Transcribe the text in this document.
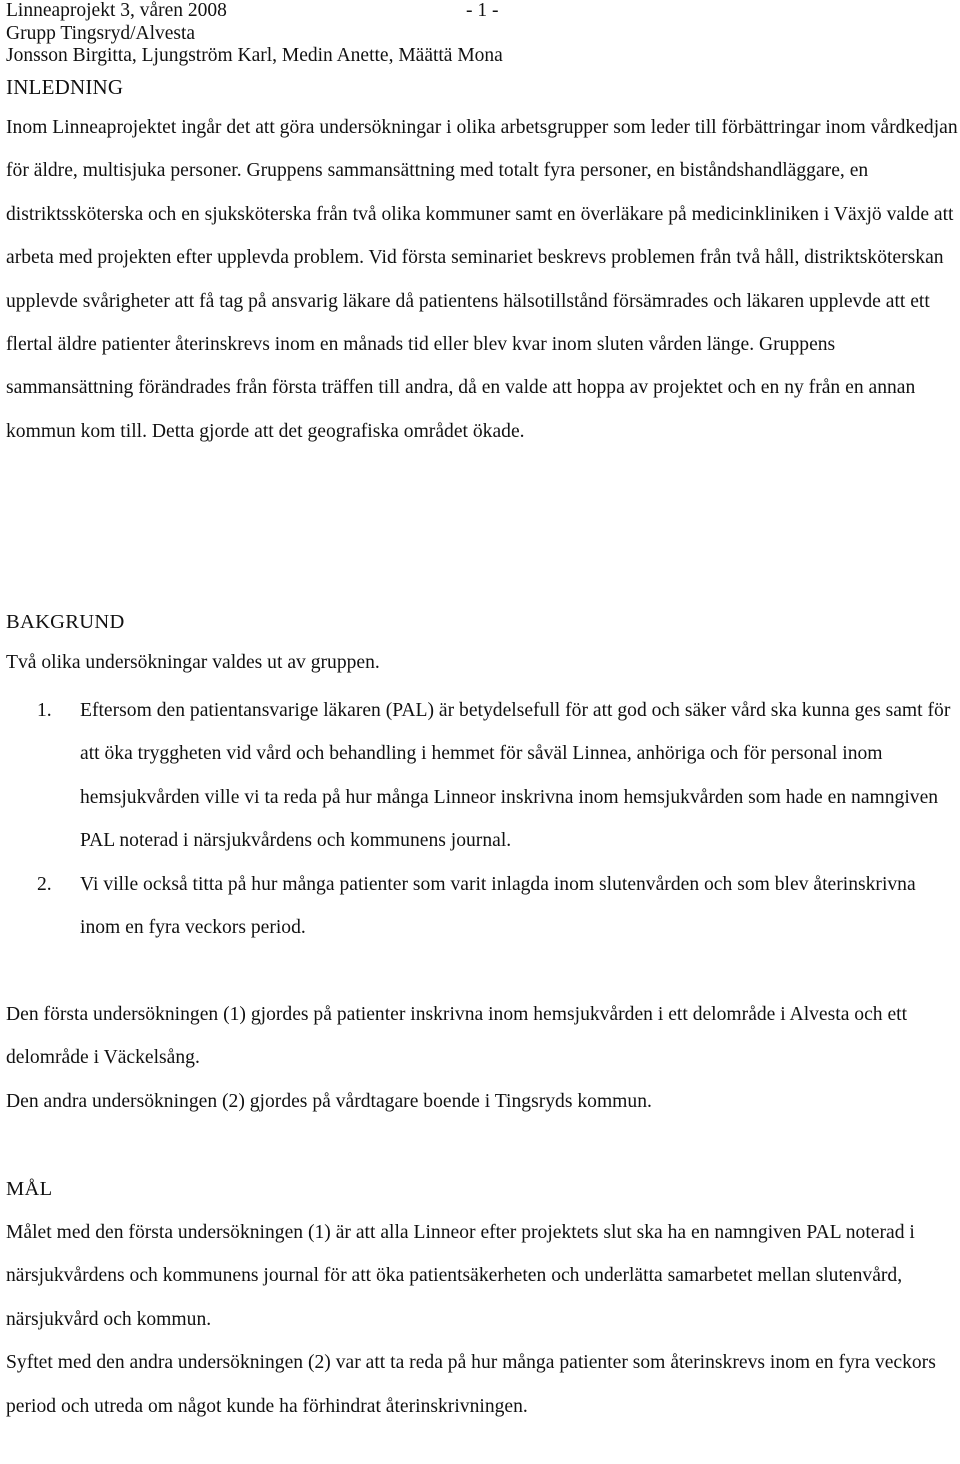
Linneaprojekt 3, våren 2008	- 1 -
Grupp Tingsryd/Alvesta
Jonsson Birgitta, Ljungström Karl, Medin Anette, Määttä Mona
INLEDNING

Inom Linneaprojektet ingår det att göra undersökningar i olika arbetsgrupper som leder till förbättringar inom vårdkedjan för äldre, multisjuka personer. Gruppens sammansättning med totalt fyra personer, en biståndshandläggare, en distriktssköterska och en sjuksköterska från två olika kommuner samt en överläkare på medicinkliniken i Växjö valde att arbeta med projekten efter upplevda problem. Vid första seminariet beskrevs problemen från två håll, distriktsköterskan upplevde svårigheter att få tag på ansvarig läkare då patientens hälsotillstånd försämrades och läkaren upplevde att ett flertal äldre patienter återinskrevs inom en månads tid eller blev kvar inom sluten vården länge. Gruppens sammansättning förändrades från första träffen till andra, då en valde att hoppa av projektet och en ny från en annan kommun kom till. Detta gjorde att det geografiska området ökade.

BAKGRUND
Två olika undersökningar valdes ut av gruppen.
1. Eftersom den patientansvarige läkaren (PAL) är betydelsefull för att god och säker vård ska kunna ges samt för att öka tryggheten vid vård och behandling i hemmet för såväl Linnea, anhöriga och för personal inom hemsjukvården ville vi ta reda på hur många Linneor inskrivna inom hemsjukvården som hade en namngiven PAL noterad i närsjukvårdens och kommunens journal.
2. Vi ville också titta på hur många patienter som varit inlagda inom slutenvården och som blev återinskrivna inom en fyra veckors period.
Den första undersökningen (1) gjordes på patienter inskrivna inom hemsjukvården i ett delområde i Alvesta och ett delområde i Väckelsång.
Den andra undersökningen (2) gjordes på vårdtagare boende i Tingsryds kommun.
MÅL
Målet med den första undersökningen (1) är att alla Linneor efter projektets slut ska ha en namngiven PAL noterad i närsjukvårdens och kommunens journal för att öka patientsäkerheten och underlätta samarbetet mellan slutenvård, närsjukvård och kommun.
Syftet med den andra undersökningen (2) var att ta reda på hur många patienter som återinskrevs inom en fyra veckors period och utreda om något kunde ha förhindrat återinskrivningen.
